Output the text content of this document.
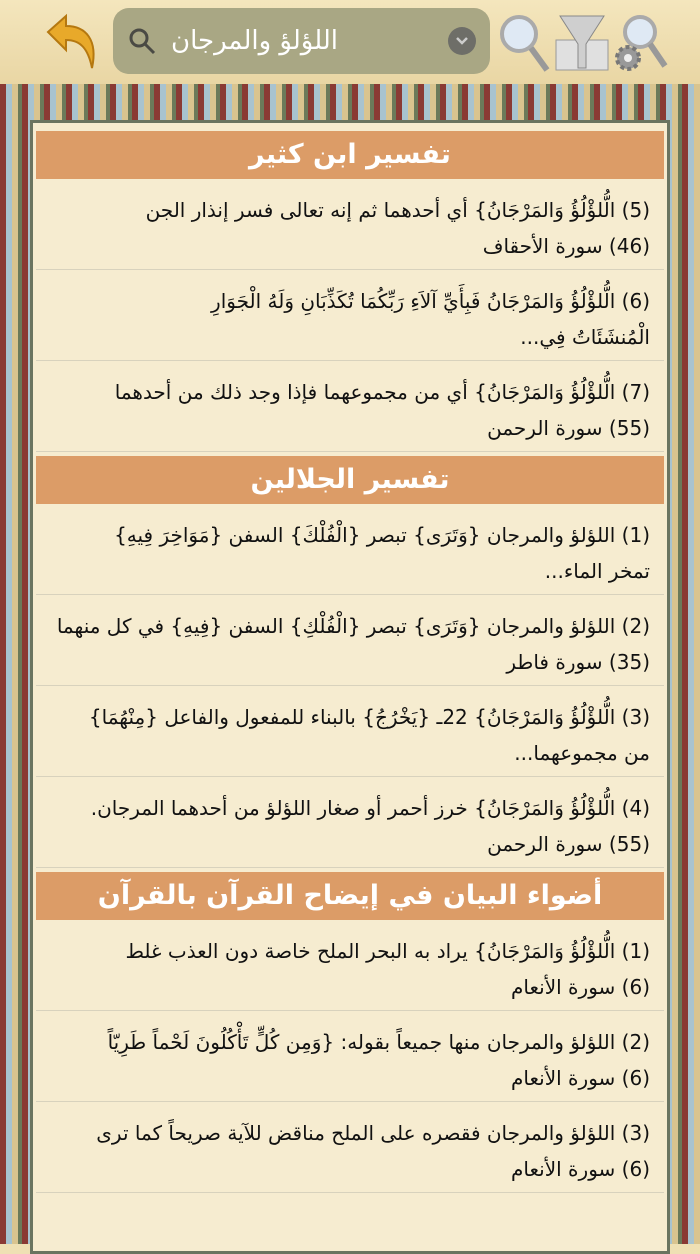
اللؤلؤ والمرجان
تفسير ابن كثير
(5) الُّلؤْلُؤُ وَالمَرْجَانُ} أي أحدهما ثم إنه تعالى فسر إنذار الجن
(46) سورة الأحقاف
(6) الُّلؤْلُؤُ وَالمَرْجَانُ فَبِأَيِّ آلاَءِ رَبِّكُمَا تُكَذِّبَانِ وَلَهُ الْجَوَارِ
الْمُنشَئَاتُ فِي...
(7) الُّلؤْلُؤُ وَالمَرْجَانُ} أي من مجموعهما فإذا وجد ذلك من أحدهما
(55) سورة الرحمن
تفسير الجلالين
(1) اللؤلؤ والمرجان {وَتَرَى} تبصر {الْفُلْكَ} السفن {مَوَاخِرَ فِيهِ}
تمخر الماء...
(2) اللؤلؤ والمرجان {وَتَرَى} تبصر {الْفُلْكِ} السفن {فِيهِ} في كل منهما
(35) سورة فاطر
(3) الُّلؤْلُؤُ وَالمَرْجَانُ} 22ـ {يَخْرُجُ} بالبناء للمفعول والفاعل {مِنْهُمَا}
من مجموعهما...
(4) الُّلؤْلُؤُ وَالمَرْجَانُ} خرز أحمر أو صغار اللؤلؤ من أحدهما المرجان.
(55) سورة الرحمن
أضواء البيان في إيضاح القرآن بالقرآن
(1) الُّلؤْلُؤُ وَالمَرْجَانُ} يراد به البحر الملح خاصة دون العذب غلط
(6) سورة الأنعام
(2) اللؤلؤ والمرجان منها جميعاً بقوله: {وَمِن كُلٍّ تَأْكُلُونَ لَحْماً طَرِيّاً
(6) سورة الأنعام
(3) اللؤلؤ والمرجان فقصره على الملح مناقض للآية صريحاً كما ترى
(6) سورة الأنعام
